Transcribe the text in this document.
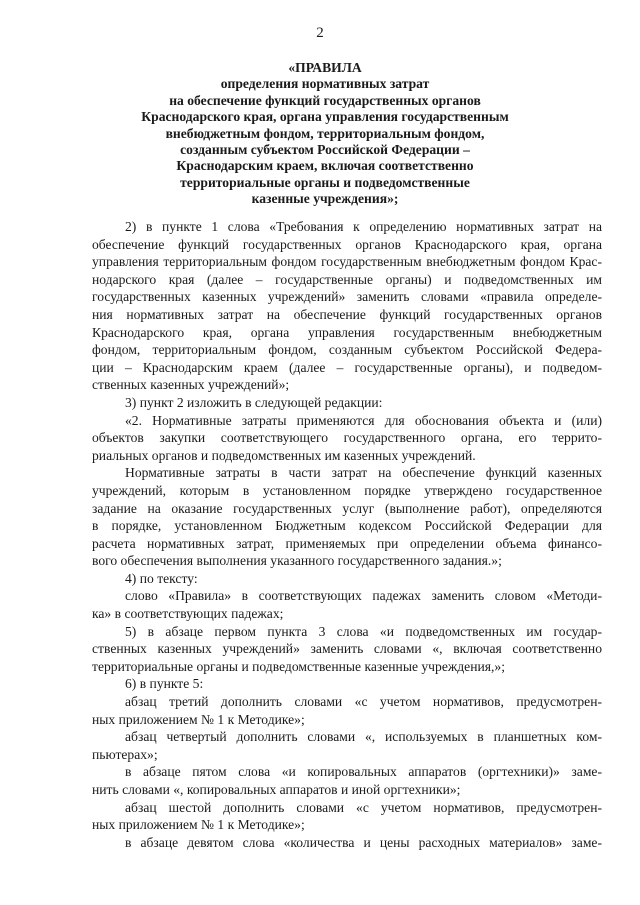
2
«ПРАВИЛА
определения нормативных затрат
на обеспечение функций государственных органов
Краснодарского края, органа управления государственным
внебюджетным фондом, территориальным фондом,
созданным субъектом Российской Федерации –
Краснодарским краем, включая соответственно
территориальные органы и подведомственные
казенные учреждения»;
2) в пункте 1 слова «Требования к определению нормативных затрат на
обеспечение функций государственных органов Краснодарского края, органа
управления территориальным фондом государственным внебюджетным фондом Крас-
нодарского края (далее – государственные органы) и подведомственных им
государственных казенных учреждений» заменить словами «правила определе-
ния нормативных затрат на обеспечение функций государственных органов
Краснодарского края, органа управления государственным внебюджетным
фондом, территориальным фондом, созданным субъектом Российской Федера-
ции – Краснодарским краем (далее – государственные органы), и подведом-
ственных казенных учреждений»;
3) пункт 2 изложить в следующей редакции:
«2. Нормативные затраты применяются для обоснования объекта и (или)
объектов закупки соответствующего государственного органа, его террито-
риальных органов и подведомственных им казенных учреждений.
Нормативные затраты в части затрат на обеспечение функций казенных
учреждений, которым в установленном порядке утверждено государственное
задание на оказание государственных услуг (выполнение работ), определяются
в порядке, установленном Бюджетным кодексом Российской Федерации для
расчета нормативных затрат, применяемых при определении объема финансо-
вого обеспечения выполнения указанного государственного задания.»;
4) по тексту:
слово «Правила» в соответствующих падежах заменить словом «Методи-
ка» в соответствующих падежах;
5) в абзаце первом пункта 3 слова «и подведомственных им государ-
ственных казенных учреждений» заменить словами «, включая соответственно
территориальные органы и подведомственные казенные учреждения,»;
6) в пункте 5:
абзац третий дополнить словами «с учетом нормативов, предусмотрен-
ных приложением № 1 к Методике»;
абзац четвертый дополнить словами «, используемых в планшетных ком-
пьютерах»;
в абзаце пятом слова «и копировальных аппаратов (оргтехники)» заме-
нить словами «, копировальных аппаратов и иной оргтехники»;
абзац шестой дополнить словами «с учетом нормативов, предусмотрен-
ных приложением № 1 к Методике»;
в абзаце девятом слова «количества и цены расходных материалов» заме-
